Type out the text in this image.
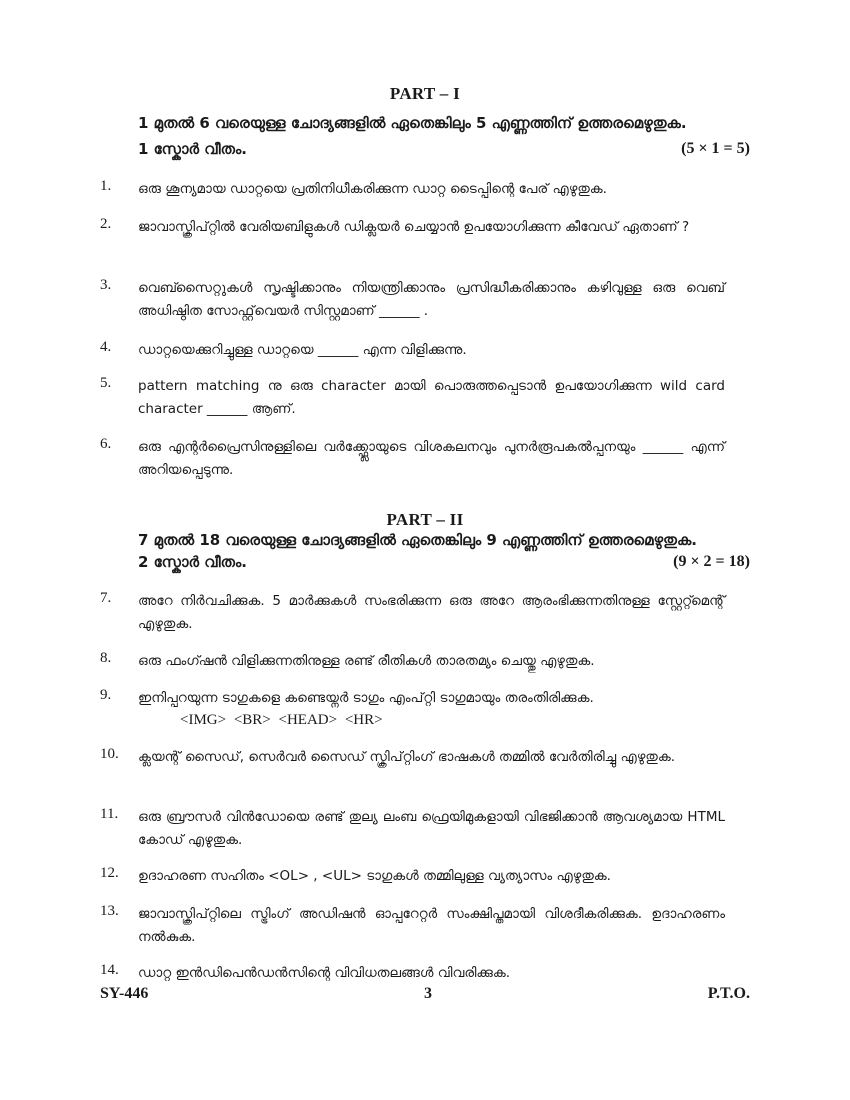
PART – I
1 മുതൽ 6 വരെയുള്ള ചോദ്യങ്ങളിൽ ഏതെങ്കിലും 5 എണ്ണത്തിന് ഉത്തരമെഴുതുക.
1 സ്കോർ വീതം.	(5 × 1 = 5)
1.	ഒരു ശൂന്യമായ ഡാറ്റയെ പ്രതിനിധീകരിക്കുന്ന ഡാറ്റ ടൈപ്പിന്റെ പേര് എഴുതുക.
2.	ജാവാസ്ക്രിപ്റ്റിൽ വേരിയബിളുകൾ ഡിക്ലയർ ചെയ്യാൻ ഉപയോഗിക്കുന്ന കീവേഡ് ഏതാണ് ?
3.	വെബ്സൈറ്റുകൾ സൃഷ്ടിക്കാനും നിയന്ത്രിക്കാനും പ്രസിദ്ധീകരിക്കാനും കഴിവുള്ള ഒരു വെബ് അധിഷ്ഠിത സോഫ്റ്റ്‌വെയർ സിസ്റ്റമാണ് ______ .
4.	ഡാറ്റയെക്കുറിച്ചുള്ള ഡാറ്റയെ ______ എന്ന വിളിക്കുന്നു.
5.	pattern matching നു ഒരു character മായി പൊരുത്തപ്പെടാൻ ഉപയോഗിക്കുന്ന wild card character ______ ആണ്.
6.	ഒരു എന്റർപ്രൈസിനുള്ളിലെ വർക്ക്ഫ്ലോയുടെ വിശകലനവും പുനർരൂപകൽപ്പനയും ______ എന്ന് അറിയപ്പെടുന്നു.
PART – II
7 മുതൽ 18 വരെയുള്ള ചോദ്യങ്ങളിൽ ഏതെങ്കിലും 9 എണ്ണത്തിന് ഉത്തരമെഴുതുക.
2 സ്കോർ വീതം.	(9 × 2 = 18)
7.	അറേ നിർവചിക്കുക. 5 മാർക്കുകൾ സംഭരിക്കുന്ന ഒരു അറേ ആരംഭിക്കുന്നതിനുള്ള സ്റ്റേറ്റ്മെന്റ് എഴുതുക.
8.	ഒരു ഫംഗ്ഷൻ വിളിക്കുന്നതിനുള്ള രണ്ട് രീതികൾ താരതമ്യം ചെയ്തു എഴുതുക.
9.	ഇനിപ്പറയുന്ന ടാഗുകളെ കണ്ടെയ്നർ ടാഗും എംപ്റ്റി ടാഗുമായും തരംതിരിക്കുക.
<IMG> <BR> <HEAD> <HR>
10.	ക്ലയന്റ് സൈഡ്, സെർവർ സൈഡ് സ്ക്രിപ്റ്റിംഗ് ഭാഷകൾ തമ്മിൽ വേർതിരിച്ചു എഴുതുക.
11.	ഒരു ബ്രൗസർ വിൻഡോയെ രണ്ട് തുല്യ ലംബ ഫ്രെയിമുകളായി വിഭജിക്കാൻ ആവശ്യമായ HTML കോഡ് എഴുതുക.
12.	ഉദാഹരണ സഹിതം <OL> , <UL> ടാഗുകൾ തമ്മിലുള്ള വ്യത്യാസം എഴുതുക.
13.	ജാവാസ്ക്രിപ്റ്റിലെ സ്ട്രിംഗ് അഡിഷൻ ഓപ്പറേറ്റർ സംക്ഷിപ്തമായി വിശദീകരിക്കുക. ഉദാഹരണം നൽകുക.
14.	ഡാറ്റ ഇൻഡിപെൻഡൻസിന്റെ വിവിധതലങ്ങൾ വിവരിക്കുക.
SY-446	3	P.T.O.
